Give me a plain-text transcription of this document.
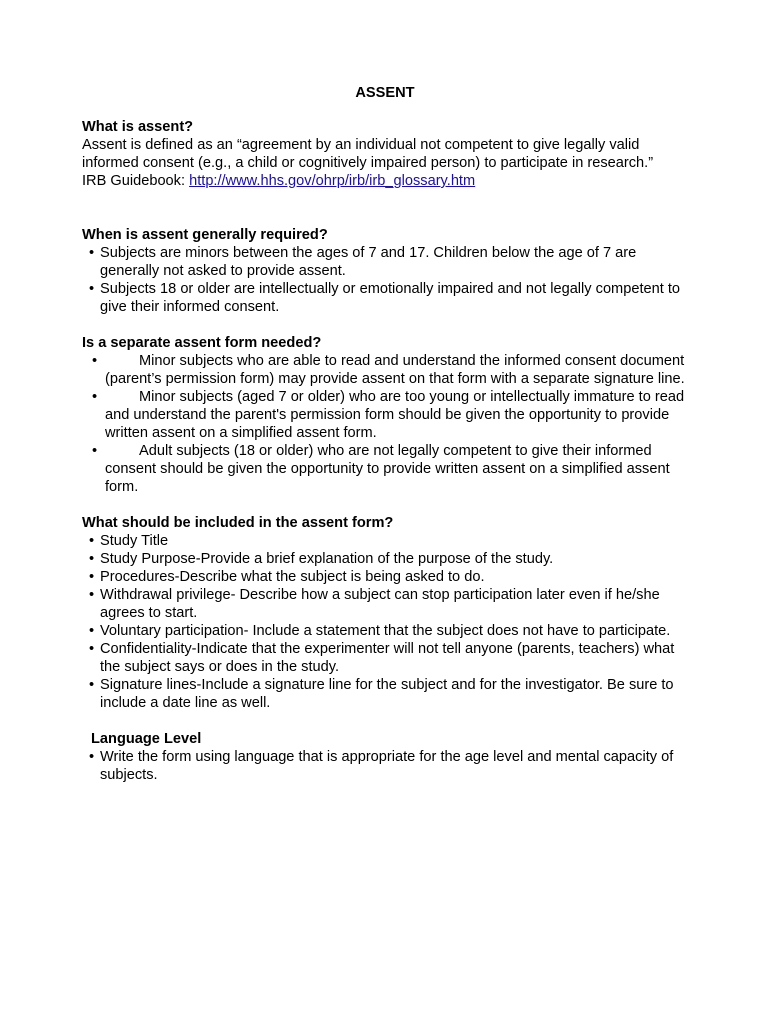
ASSENT
What is assent?
Assent is defined as an “agreement by an individual not competent to give legally valid
informed consent (e.g., a child or cognitively impaired person) to participate in research.”
IRB Guidebook: http://www.hhs.gov/ohrp/irb/irb_glossary.htm
When is assent generally required?
• Subjects are minors between the ages of 7 and 17. Children below the age of 7 are generally not asked to provide assent.
• Subjects 18 or older are intellectually or emotionally impaired and not legally competent to give their informed consent.
Is a separate assent form needed?
•	Minor subjects who are able to read and understand the informed consent document (parent’s permission form) may provide assent on that form with a separate signature line.
•	Minor subjects (aged 7 or older) who are too young or intellectually immature to read and understand the parent's permission form should be given the opportunity to provide written assent on a simplified assent form.
•	Adult subjects (18 or older) who are not legally competent to give their informed consent should be given the opportunity to provide written assent on a simplified assent form.
What should be included in the assent form?
• Study Title
• Study Purpose-Provide a brief explanation of the purpose of the study.
• Procedures-Describe what the subject is being asked to do.
• Withdrawal privilege- Describe how a subject can stop participation later even if he/she agrees to start.
• Voluntary participation- Include a statement that the subject does not have to participate.
• Confidentiality-Indicate that the experimenter will not tell anyone (parents, teachers) what the subject says or does in the study.
• Signature lines-Include a signature line for the subject and for the investigator. Be sure to include a date line as well.
Language Level
• Write the form using language that is appropriate for the age level and mental capacity of subjects.
